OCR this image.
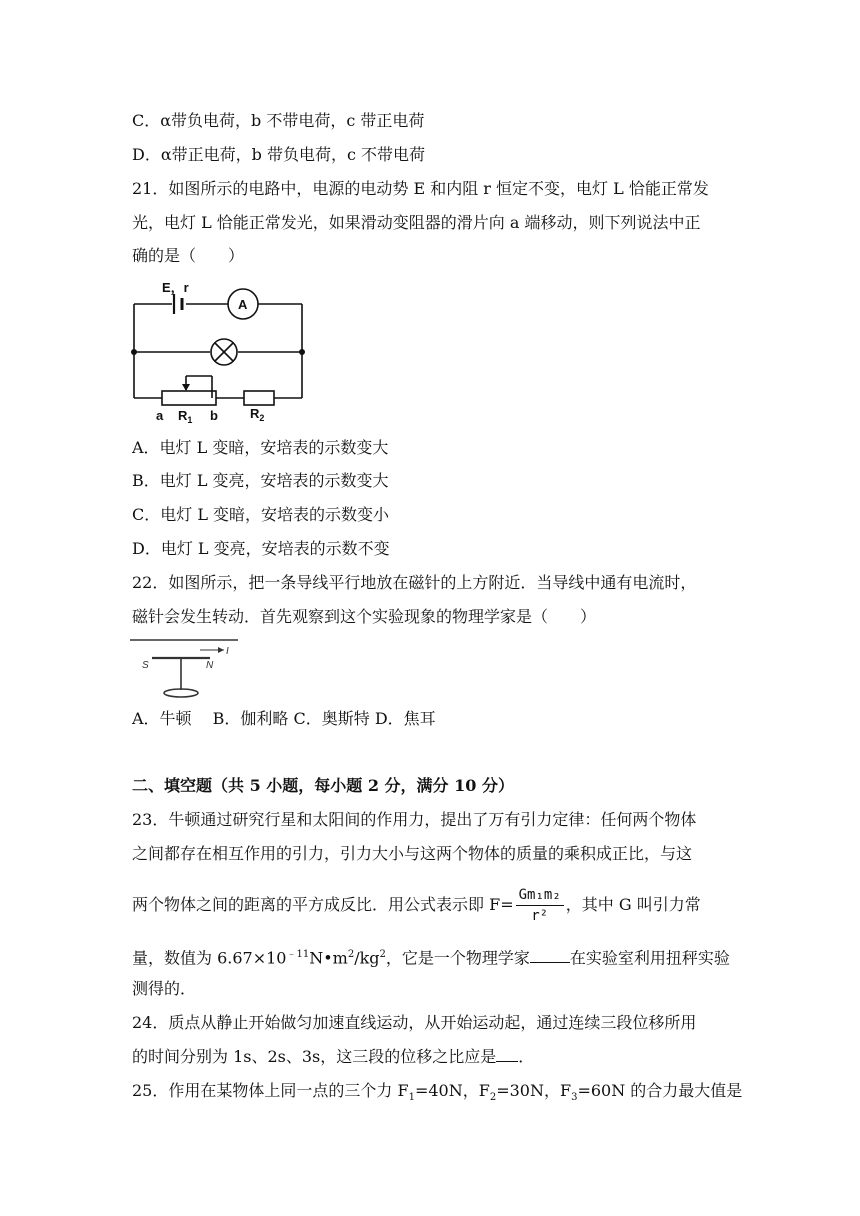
C．α带负电荷，b 不带电荷，c 带正电荷
D．α带正电荷，b 带负电荷，c 不带电荷
21．如图所示的电路中，电源的电动势 E 和内阻 r 恒定不变，电灯 L 恰能正常发
光，电灯 L 恰能正常发光，如果滑动变阻器的滑片向 a 端移动，则下列说法中正
确的是（　　）
E，r
A
a $R_1$ b $R_2$
A．电灯 L 变暗，安培表的示数变大
B．电灯 L 变亮，安培表的示数变大
C．电灯 L 变暗，安培表的示数变小
D．电灯 L 变亮，安培表的示数不变
22．如图所示，把一条导线平行地放在磁针的上方附近．当导线中通有电流时，
磁针会发生转动．首先观察到这个实验现象的物理学家是（　　）
S	N
I
A．牛顿　 B．伽利略 C．奥斯特 D．焦耳
二、填空题（共 5 小题，每小题 2 分，满分 10 分）
23．牛顿通过研究行星和太阳间的作用力，提出了万有引力定律：任何两个物体
之间都存在相互作用的引力，引力大小与这两个物体的质量的乘积成正比，与这
两个物体之间的距离的平方成反比．用公式表示即 $F= \frac{\text{Gm₁m₂}}{\text{r²}}$ ，其中 G 叫引力常
量，数值为 $6.67\times 10^{﹣11}N•m^2/kg^2$，它是一个物理学家	在实验室利用扭秤实验
测得的．
24．质点从静止开始做匀加速直线运动，从开始运动起，通过连续三段位移所用
的时间分别为 1s、2s、3s，这三段的位移之比应是 ．
25．作用在某物体上同一点的三个力 $F_1=40N$，$F_2=30N$，$F_3=60N$ 的合力最大值是
